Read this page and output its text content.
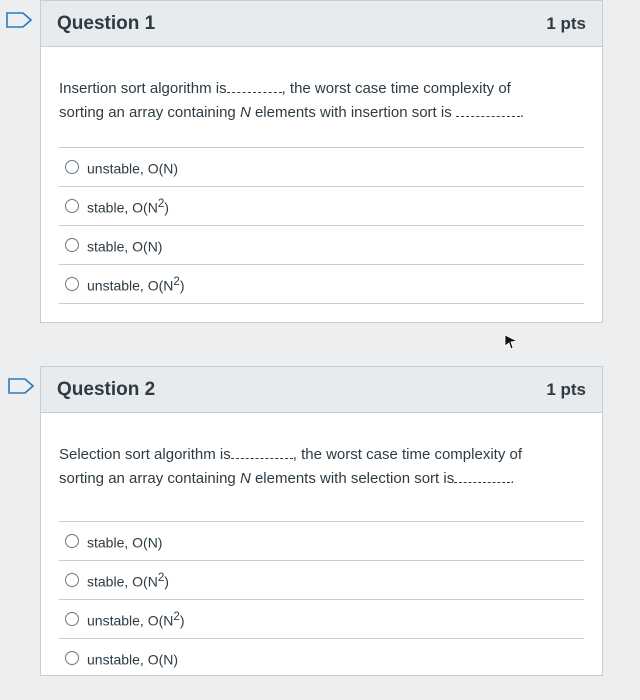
Question 1	1 pts
Insertion sort algorithm is	, the worst case time complexity of
sorting an array containing N elements with insertion sort is	.
unstable, O(N)
stable, $O(N^2)$
stable, O(N)
unstable, $O(N^2)$
Question 2	1 pts
Selection sort algorithm is	, the worst case time complexity of
sorting an array containing N elements with selection sort is	.
stable, O(N)
stable, $O(N^2)$
unstable, $O(N^2)$
unstable, O(N)
